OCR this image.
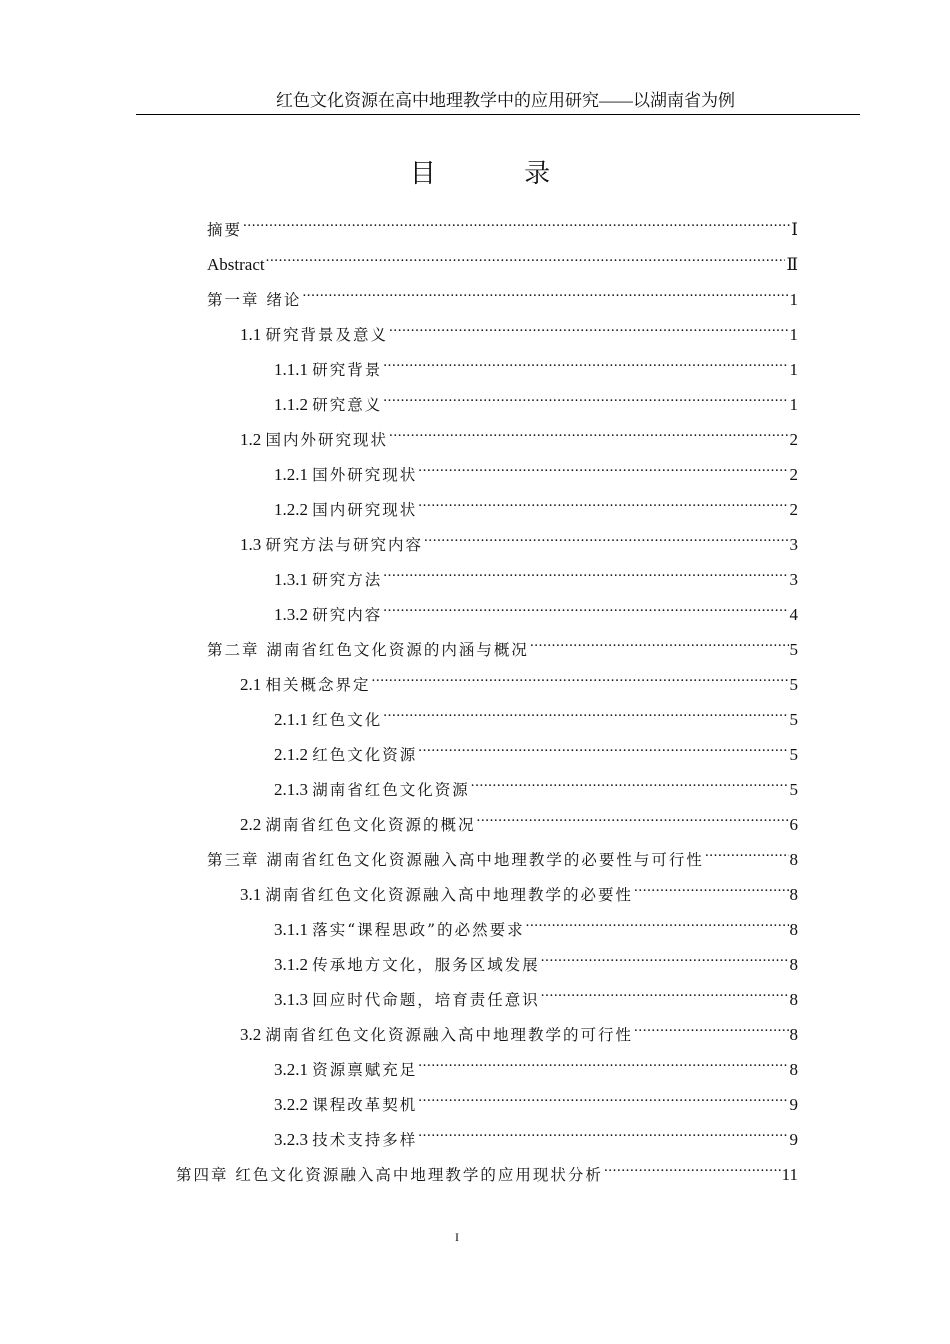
红色文化资源在高中地理教学中的应用研究——以湖南省为例
目 录
摘要 .....	Ⅰ
Abstract .....	Ⅱ
第一章 绪论 .....	1
1.1 研究背景及意义 .....	1
1.1.1 研究背景 .....	1
1.1.2 研究意义 .....	1
1.2 国内外研究现状 .....	2
1.2.1 国外研究现状 .....	2
1.2.2 国内研究现状 .....	2
1.3 研究方法与研究内容 .....	3
1.3.1 研究方法 .....	3
1.3.2 研究内容 .....	4
第二章 湖南省红色文化资源的内涵与概况 .....	5
2.1 相关概念界定 .....	5
2.1.1 红色文化 .....	5
2.1.2 红色文化资源 .....	5
2.1.3 湖南省红色文化资源 .....	5
2.2 湖南省红色文化资源的概况 .....	6
第三章 湖南省红色文化资源融入高中地理教学的必要性与可行性 .....	8
3.1 湖南省红色文化资源融入高中地理教学的必要性 .....	8
3.1.1 落实“课程思政”的必然要求 .....	8
3.1.2 传承地方文化，服务区域发展 .....	8
3.1.3 回应时代命题，培育责任意识 .....	8
3.2 湖南省红色文化资源融入高中地理教学的可行性 .....	8
3.2.1 资源禀赋充足 .....	8
3.2.2 课程改革契机 .....	9
3.2.3 技术支持多样 .....	9
第四章 红色文化资源融入高中地理教学的应用现状分析 .....	11
I
